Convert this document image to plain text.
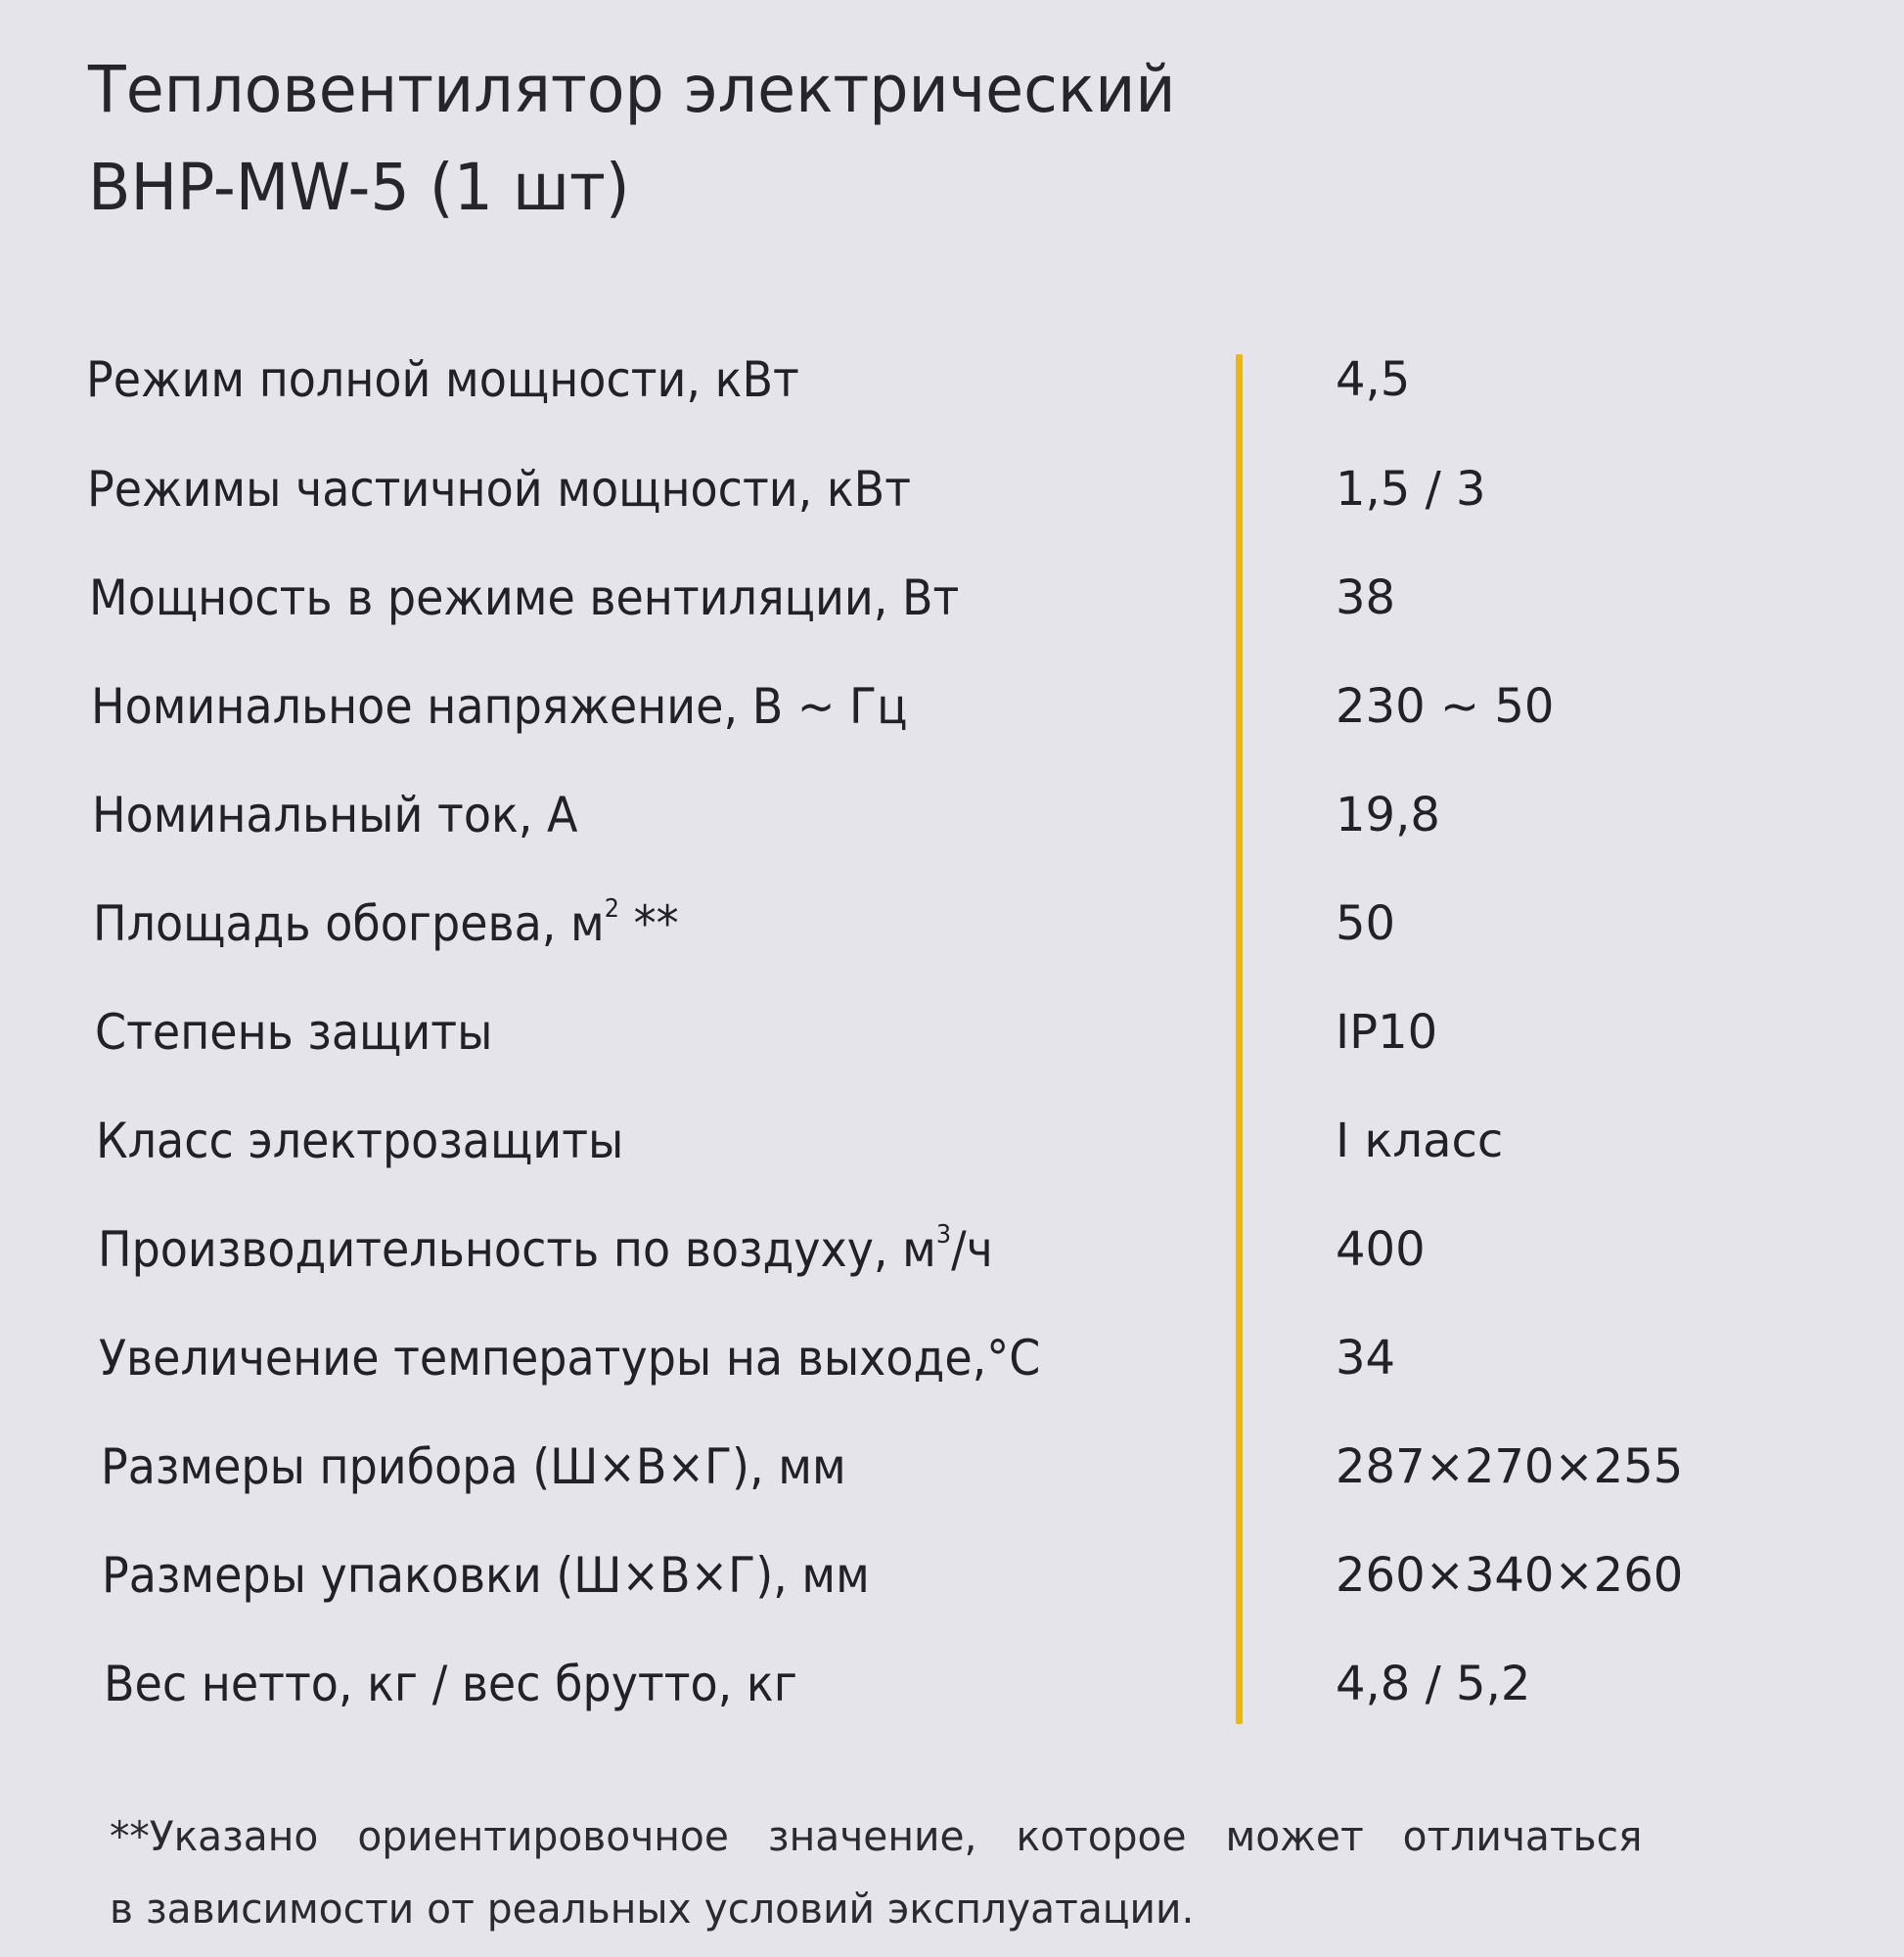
Тепловентилятор электрический
BHP-MW-5 (1 шт)
Режим полной мощности, кВт	4,5
Режимы частичной мощности, кВт	1,5 / 3
Мощность в режиме вентиляции, Вт	38
Номинальное напряжение, В ~ Гц	230 ~ 50
Номинальный ток, А	19,8
Площадь обогрева, $м^2$ **	50
Степень защиты	IP10
Класс электрозащиты	I класс
Производительность по воздуху, $м^3/ч$	400
Увеличение температуры на выходе,°С	34
Размеры прибора (Ш×В×Г), мм	287×270×255
Размеры упаковки (Ш×В×Г), мм	260×340×260
Вес нетто, кг / вес брутто, кг	4,8 / 5,2
**Указано ориентировочное значение, которое может отличаться
в зависимости от реальных условий эксплуатации.
